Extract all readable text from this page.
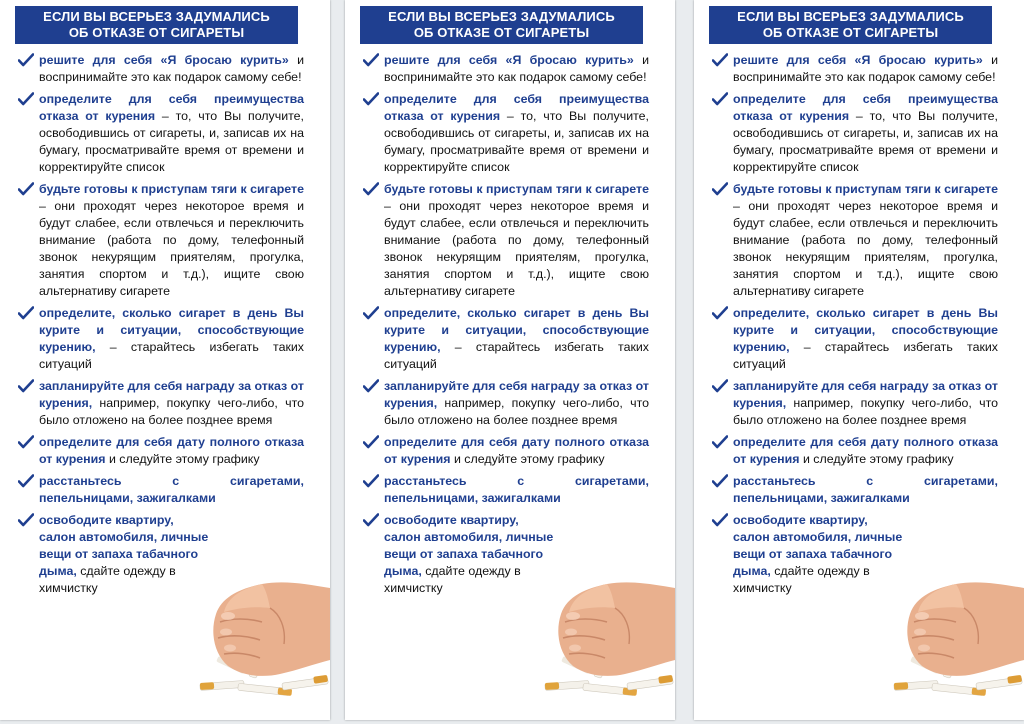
ЕСЛИ ВЫ ВСЕРЬЕЗ ЗАДУМАЛИСЬ
ОБ ОТКАЗЕ ОТ СИГАРЕТЫ
решите для себя «Я бросаю курить» и воспринимайте это как подарок самому себе!
определите для себя преимущества отказа от курения – то, что Вы получите, освободившись от сигареты, и, записав их на бумагу, просматривайте время от времени и корректируйте список
будьте готовы к приступам тяги к сигарете – они проходят через некоторое время и будут слабее, если отвлечься и переключить внимание (работа по дому, телефонный звонок некурящим приятелям, прогулка, занятия спортом и т.д.), ищите свою альтернативу сигарете
определите, сколько сигарет в день Вы курите и ситуации, способствующие курению, – старайтесь избегать таких ситуаций
запланируйте для себя награду за отказ от курения, например, покупку чего-либо, что было отложено на более позднее время
определите для себя дату полного отказа от курения и следуйте этому графику
расстаньтесь с сигаретами, пепельницами, зажигалками
освободите квартиру, салон автомобиля, личные вещи от запаха табачного дыма, сдайте одежду в химчистку
ЕСЛИ ВЫ ВСЕРЬЕЗ ЗАДУМАЛИСЬ
ОБ ОТКАЗЕ ОТ СИГАРЕТЫ
решите для себя «Я бросаю курить» и воспринимайте это как подарок самому себе!
определите для себя преимущества отказа от курения – то, что Вы получите, освободившись от сигареты, и, записав их на бумагу, просматривайте время от времени и корректируйте список
будьте готовы к приступам тяги к сигарете – они проходят через некоторое время и будут слабее, если отвлечься и переключить внимание (работа по дому, телефонный звонок некурящим приятелям, прогулка, занятия спортом и т.д.), ищите свою альтернативу сигарете
определите, сколько сигарет в день Вы курите и ситуации, способствующие курению, – старайтесь избегать таких ситуаций
запланируйте для себя награду за отказ от курения, например, покупку чего-либо, что было отложено на более позднее время
определите для себя дату полного отказа от курения и следуйте этому графику
расстаньтесь с сигаретами, пепельницами, зажигалками
освободите квартиру, салон автомобиля, личные вещи от запаха табачного дыма, сдайте одежду в химчистку
ЕСЛИ ВЫ ВСЕРЬЕЗ ЗАДУМАЛИСЬ
ОБ ОТКАЗЕ ОТ СИГАРЕТЫ
решите для себя «Я бросаю курить» и воспринимайте это как подарок самому себе!
определите для себя преимущества отказа от курения – то, что Вы получите, освободившись от сигареты, и, записав их на бумагу, просматривайте время от времени и корректируйте список
будьте готовы к приступам тяги к сигарете – они проходят через некоторое время и будут слабее, если отвлечься и переключить внимание (работа по дому, телефонный звонок некурящим приятелям, прогулка, занятия спортом и т.д.), ищите свою альтернативу сигарете
определите, сколько сигарет в день Вы курите и ситуации, способствующие курению, – старайтесь избегать таких ситуаций
запланируйте для себя награду за отказ от курения, например, покупку чего-либо, что было отложено на более позднее время
определите для себя дату полного отказа от курения и следуйте этому графику
расстаньтесь с сигаретами, пепельницами, зажигалками
освободите квартиру, салон автомобиля, личные вещи от запаха табачного дыма, сдайте одежду в химчистку
